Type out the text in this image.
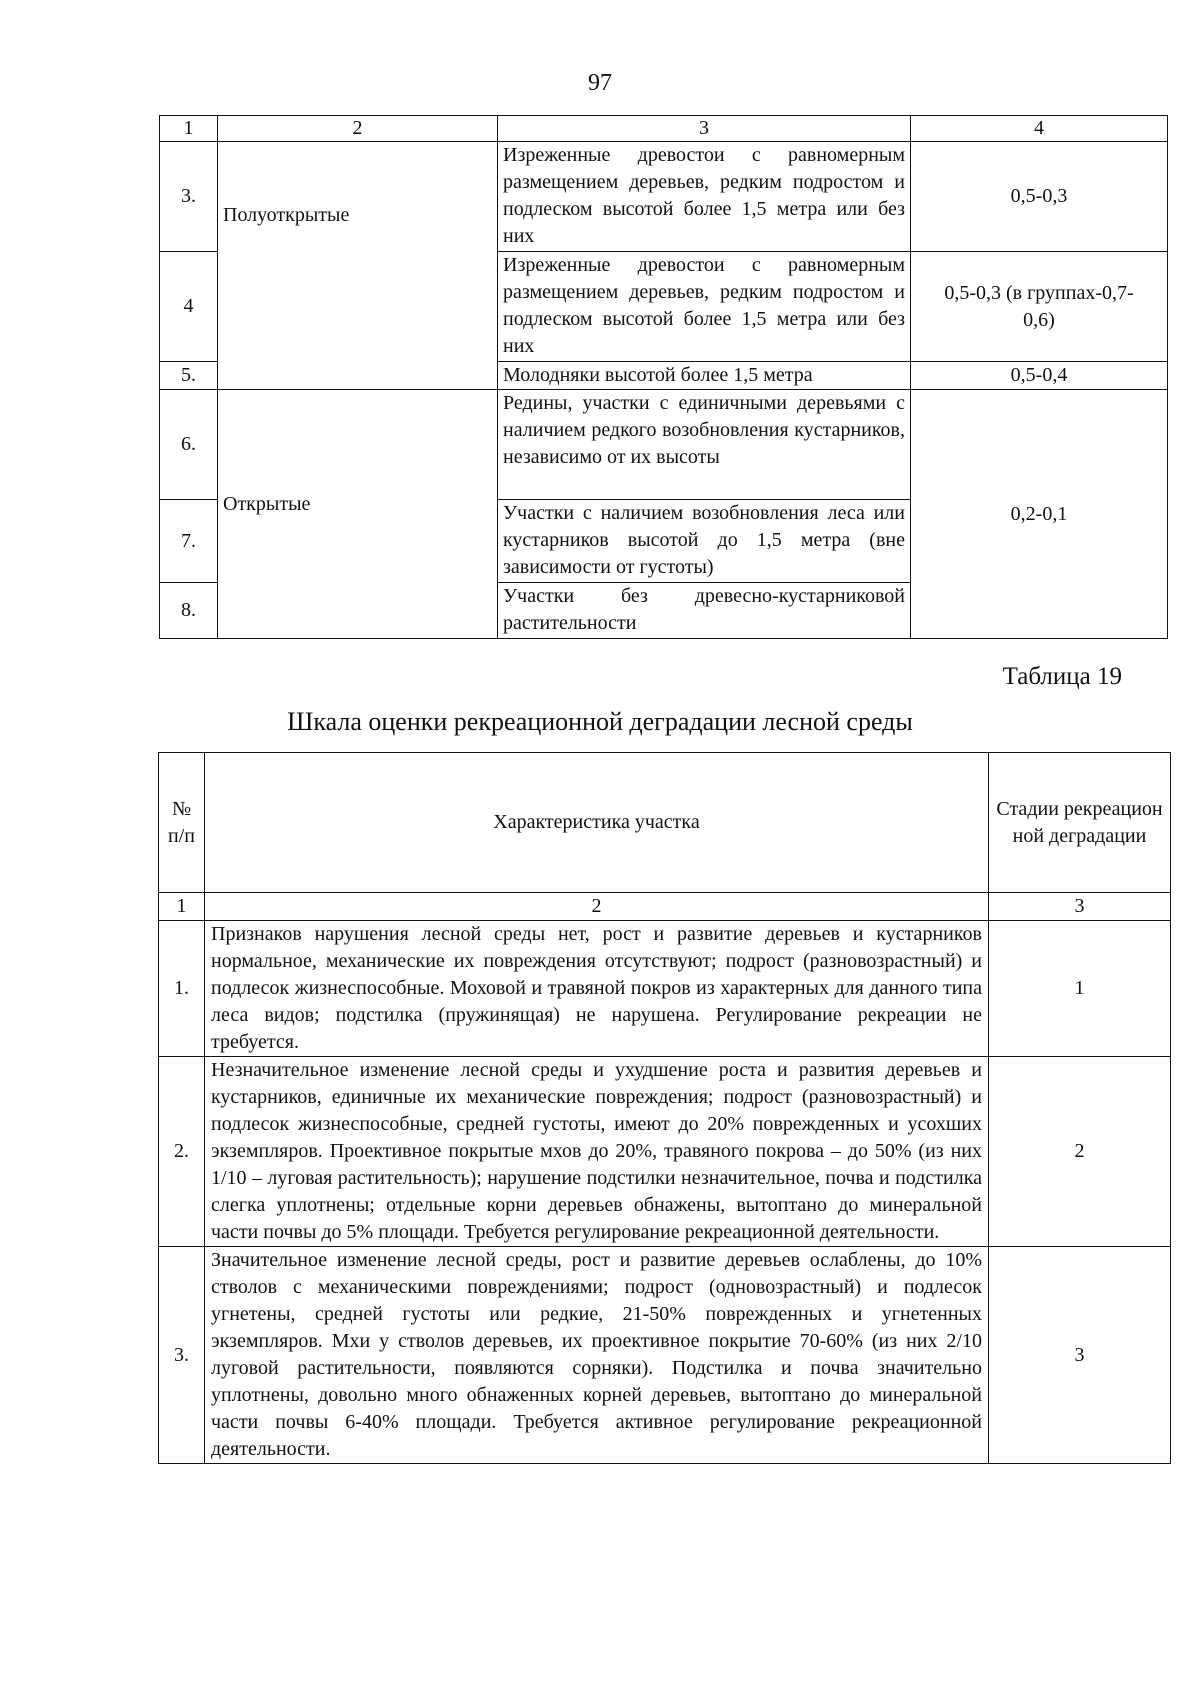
97
1	2	3	4
3.	Полуоткрытые	Изреженные древостои с равномерным размещением деревьев, редким подростом и подлеском высотой более 1,5 метра или без них	0,5-0,3
4		Изреженные древостои с равномерным размещением деревьев, редким подростом и подлеском высотой более 1,5 метра или без них	0,5-0,3 (в группах-0,7-0,6)
5.		Молодняки высотой более 1,5 метра	0,5-0,4
6.	Открытые	Редины, участки с единичными деревьями с наличием редкого возобновления кустарников, независимо от их высоты	0,2-0,1
7.		Участки с наличием возобновления леса или кустарников высотой до 1,5 метра (вне зависимости от густоты)	
8.		Участки без древесно-кустарниковой растительности	
Таблица 19
Шкала оценки рекреационной деградации лесной среды
№ п/п	Характеристика участка	Стадии рекреационной деградации
1	2	3
1.	Признаков нарушения лесной среды нет, рост и развитие деревьев и кустарников нормальное, механические их повреждения отсутствуют; подрост (разновозрастный) и подлесок жизнеспособные. Моховой и травяной покров из характерных для данного типа леса видов; подстилка (пружинящая) не нарушена. Регулирование рекреации не требуется.	1
2.	Незначительное изменение лесной среды и ухудшение роста и развития деревьев и кустарников, единичные их механические повреждения; подрост (разновозрастный) и подлесок жизнеспособные, средней густоты, имеют до 20% поврежденных и усохших экземпляров. Проективное покрытые мхов до 20%, травяного покрова – до 50% (из них 1/10 – луговая растительность); нарушение подстилки незначительное, почва и подстилка слегка уплотнены; отдельные корни деревьев обнажены, вытоптано до минеральной части почвы до 5% площади. Требуется регулирование рекреационной деятельности.	2
3.	Значительное изменение лесной среды, рост и развитие деревьев ослаблены, до 10% стволов с механическими повреждениями; подрост (одновозрастный) и подлесок угнетены, средней густоты или редкие, 21-50% поврежденных и угнетенных экземпляров. Мхи у стволов деревьев, их проективное покрытие 70-60% (из них 2/10 луговой растительности, появляются сорняки). Подстилка и почва значительно уплотнены, довольно много обнаженных корней деревьев, вытоптано до минеральной части почвы 6-40% площади. Требуется активное регулирование рекреационной деятельности.	3
